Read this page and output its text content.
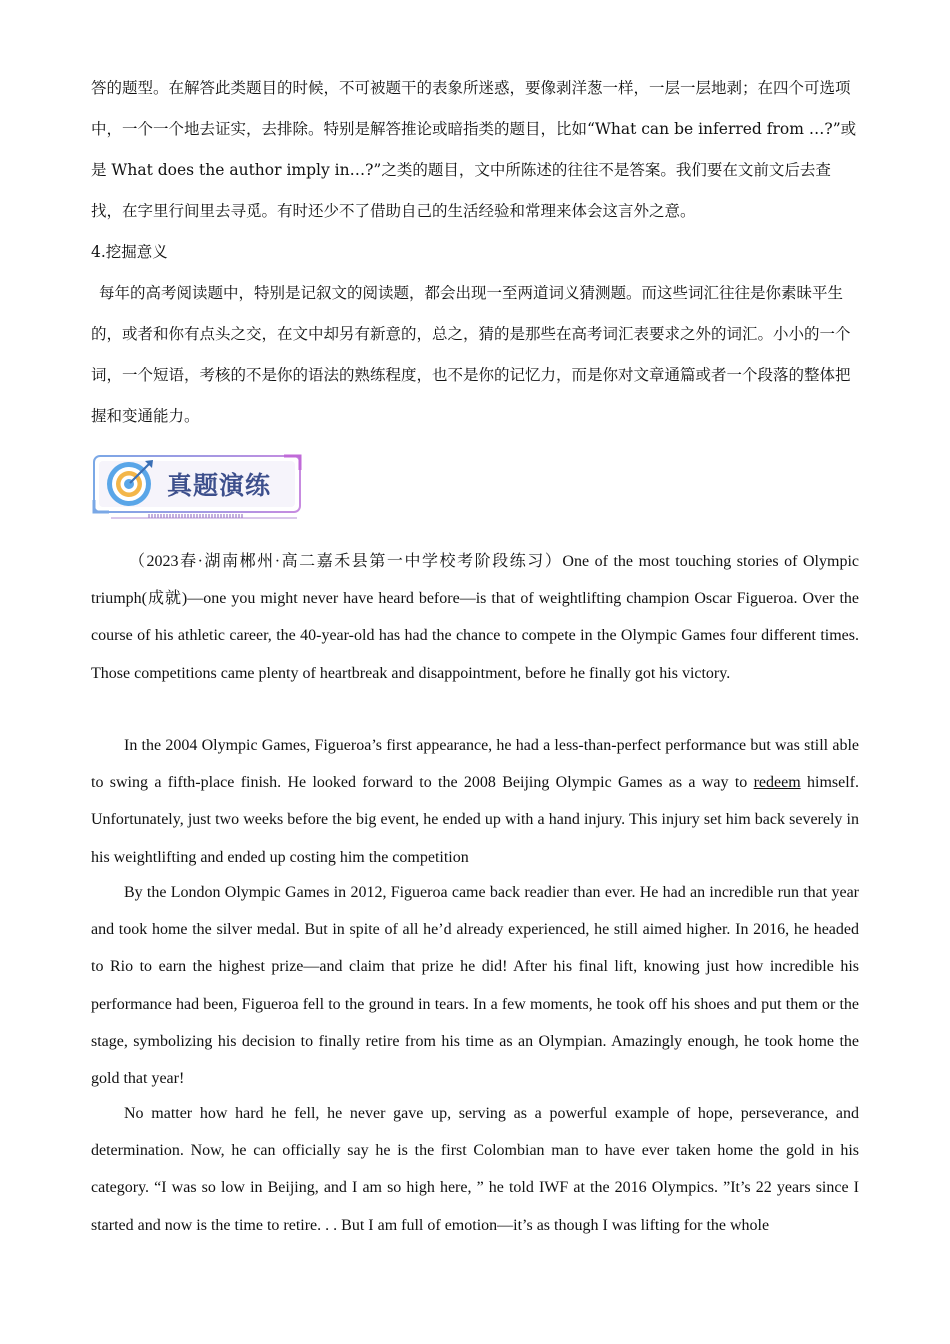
答的题型。在解答此类题目的时候，不可被题干的表象所迷惑，要像剥洋葱一样，一层一层地剥；在四个可选项中，一个一个地去证实，去排除。特别是解答推论或暗指类的题目，比如“What can be inferred from …?”或是 What does the author imply in…?”之类的题目，文中所陈述的往往不是答案。我们要在文前文后去查找，在字里行间里去寻觅。有时还少不了借助自己的生活经验和常理来体会这言外之意。

4.挖掘意义

每年的高考阅读题中，特别是记叙文的阅读题，都会出现一至两道词义猜测题。而这些词汇往往是你素昧平生的，或者和你有点头之交，在文中却另有新意的，总之，猜的是那些在高考词汇表要求之外的词汇。小小的一个词，一个短语，考核的不是你的语法的熟练程度，也不是你的记忆力，而是你对文章通篇或者一个段落的整体把握和变通能力。

真题演练

（2023春·湖南郴州·高二嘉禾县第一中学校考阶段练习）One of the most touching stories of Olympic triumph(成就)—one you might never have heard before—is that of weightlifting champion Oscar Figueroa. Over the course of his athletic career, the 40-year-old has had the chance to compete in the Olympic Games four different times. Those competitions came plenty of heartbreak and disappointment, before he finally got his victory.

In the 2004 Olympic Games, Figueroa’s first appearance, he had a less-than-perfect performance but was still able to swing a fifth-place finish. He looked forward to the 2008 Beijing Olympic Games as a way to redeem himself. Unfortunately, just two weeks before the big event, he ended up with a hand injury. This injury set him back severely in his weightlifting and ended up costing him the competition

By the London Olympic Games in 2012, Figueroa came back readier than ever. He had an incredible run that year and took home the silver medal. But in spite of all he’d already experienced, he still aimed higher. In 2016, he headed to Rio to earn the highest prize—and claim that prize he did! After his final lift, knowing just how incredible his performance had been, Figueroa fell to the ground in tears. In a few moments, he took off his shoes and put them or the stage, symbolizing his decision to finally retire from his time as an Olympian. Amazingly enough, he took home the gold that year!

No matter how hard he fell, he never gave up, serving as a powerful example of hope, perseverance, and determination. Now, he can officially say he is the first Colombian man to have ever taken home the gold in his category. “I was so low in Beijing, and I am so high here, ” he told IWF at the 2016 Olympics. ”It’s 22 years since I started and now is the time to retire. . . But I am full of emotion—it’s as though I was lifting for the whole
